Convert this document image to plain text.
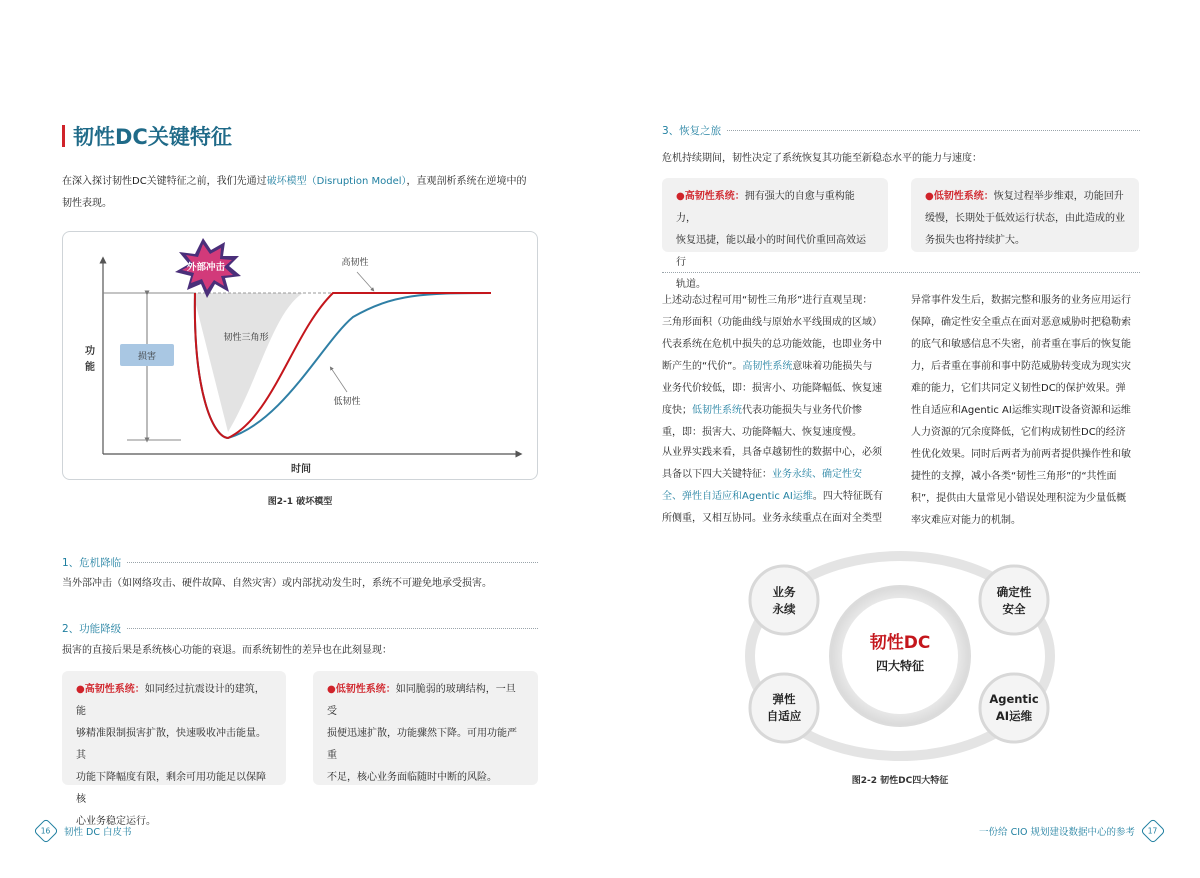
韧性DC关键特征
在深入探讨韧性DC关键特征之前，我们先通过破坏模型（Disruption Model），直观剖析系统在逆境中的
韧性表现。
损害
外部冲击
功
能
时间
高韧性
韧性三角形
低韧性
图2-1 破坏模型
1、危机降临
当外部冲击（如网络攻击、硬件故障、自然灾害）或内部扰动发生时，系统不可避免地承受损害。
2、功能降级
损害的直接后果是系统核心功能的衰退。而系统韧性的差异也在此刻显现：
●高韧性系统：如同经过抗震设计的建筑，能
够精准限制损害扩散，快速吸收冲击能量。其
功能下降幅度有限，剩余可用功能足以保障核
心业务稳定运行。
●低韧性系统：如同脆弱的玻璃结构，一旦受
损便迅速扩散，功能骤然下降。可用功能严重
不足，核心业务面临随时中断的风险。
16 韧性 DC 白皮书
3、恢复之旅
危机持续期间，韧性决定了系统恢复其功能至新稳态水平的能力与速度：
●高韧性系统：拥有强大的自愈与重构能力，
恢复迅捷，能以最小的时间代价重回高效运行
轨道。
●低韧性系统：恢复过程举步维艰，功能回升
缓慢，长期处于低效运行状态，由此造成的业
务损失也将持续扩大。
上述动态过程可用“韧性三角形”进行直观呈现：
三角形面积（功能曲线与原始水平线围成的区域）
代表系统在危机中损失的总功能效能，也即业务中
断产生的“代价”。高韧性系统意味着功能损失与
业务代价较低，即：损害小、功能降幅低、恢复速
度快；低韧性系统代表功能损失与业务代价惨
重，即：损害大、功能降幅大、恢复速度慢。
从业界实践来看，具备卓越韧性的数据中心，必须
具备以下四大关键特征：业务永续、确定性安
全、弹性自适应和Agentic AI运维。四大特征既有
所侧重，又相互协同。业务永续重点在面对全类型
异常事件发生后，数据完整和服务的业务应用运行
保障，确定性安全重点在面对恶意威胁时把稳勒索
的底气和敏感信息不失密，前者重在事后的恢复能
力，后者重在事前和事中防范威胁转变成为现实灾
难的能力，它们共同定义韧性DC的保护效果。弹
性自适应和Agentic AI运维实现IT设备资源和运维
人力资源的冗余度降低，它们构成韧性DC的经济
性优化效果。同时后两者为前两者提供操作性和敏
捷性的支撑，减小各类“韧性三角形”的“共性面
积”，提供由大量常见小错误处理积淀为少量低概
率灾难应对能力的机制。
韧性DC
四大特征
业务
永续
确定性
安全
弹性
自适应
Agentic
AI运维
图2-2 韧性DC四大特征
一份给 CIO 规划建设数据中心的参考 17
